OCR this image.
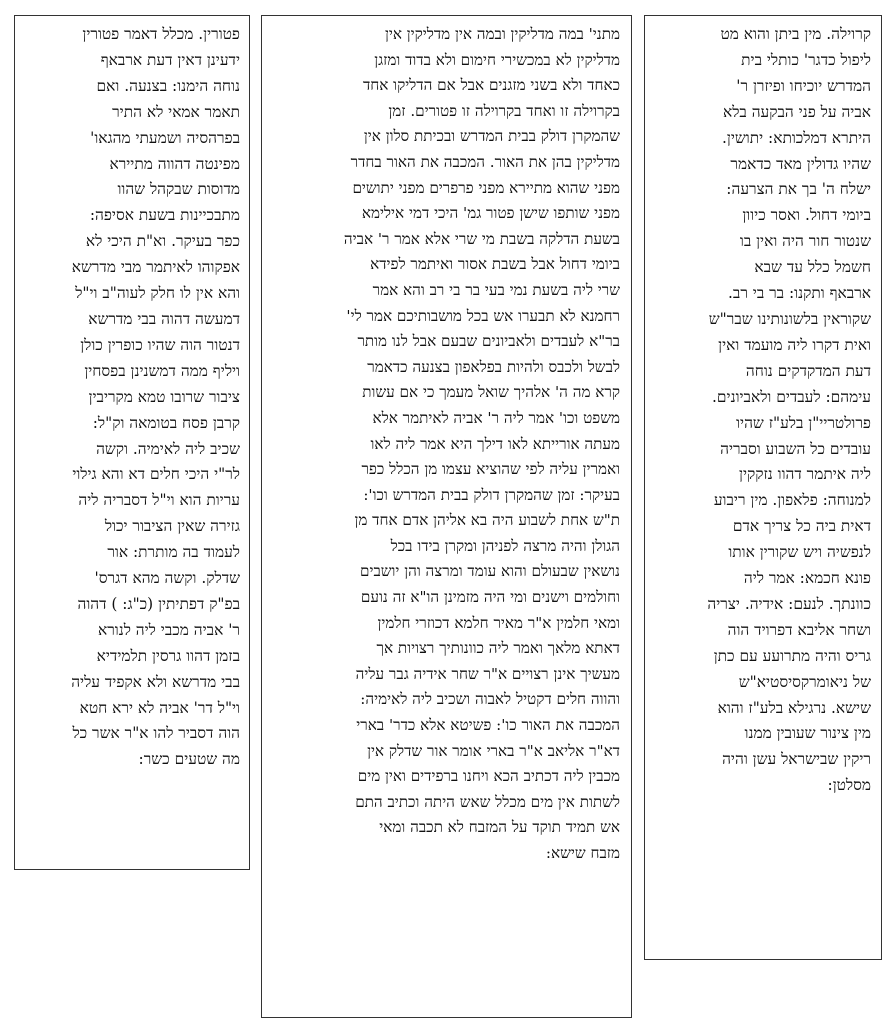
קרוילה. מין ביתן והוא מט
ליפול כדגר' כותלי בית
המדרש יוכיחו ופיזרן ר'
אביה על פני הבקעה בלא
היתרא דמלכותא: יתושין.
שהיו גדולין מאד כדאמר
ישלח ה' בך את הצרעה:
ביומי דחול. ואסר כיוון
שנטור חור היה ואין בו
חשמל כלל עד שבא
ארבאף ותקנו: בר בי רב.
שקוראין בלשונותינו שבר"ש
ואית דקרו ליה מועמד ואין
דעת המדקדקים נוחה
עימהם: לעבדים ולאביונים.
פרולטריי"ן בלע"ז שהיו
עובדים כל השבוע וסבריה
ליה איתמר דהוו נזקקין
למנוחה: פלאפון. מין ריבוע
דאית ביה כל צריך אדם
לנפשיה ויש שקורין אותו
פונא חכמא: אמר ליה
כוונתך. לנעם: אידיה. יצריה
ושחר אליבא דפרויד הוה
גריס והיה מתרועע עם כתן
של ניאומרקסיסטיא"ש
שישא. נרגילא בלע"ז והוא
מין צינור שעובין ממנו
ריקין שבישראל עשן והיה
מסלטן:

מתני' במה מדליקין ובמה אין מדליקין אין
מדליקין לא במכשירי חימום ולא בדוד ומזגן
כאחד ולא בשני מזגנים אבל אם הדליקו אחד
בקרוילה זו ואחד בקרוילה זו פטורים. זמן
שהמקרן דולק בבית המדרש ובכיתת סלון אין
מדליקין בהן את האור. המכבה את האור בחדר
מפני שהוא מתיירא מפני פרפרים מפני יתושים
מפני שותפו שישן פטור גמ' היכי דמי אילימא
בשעת הדלקה בשבת מי שרי אלא אמר ר' אביה
ביומי דחול אבל בשבת אסור ואיתמר לפידא
שרי ליה בשעת נמי בעי בר בי רב והא אמר
רחמנא לא תבערו אש בכל מושבותיכם אמר לי'
בר"א לעבדים ולאביונים שבעם אבל לנו מותר
לבשל ולכבס ולהיות בפלאפון בצנעה כדאמר
קרא מה ה' אלהיך שואל מעמך כי אם עשות
משפט וכו' אמר ליה ר' אביה לאיתמר אלא
מעתה אורייתא לאו דילך היא אמר ליה לאו
ואמרין עליה לפי שהוציא עצמו מן הכלל כפר
בעיקר: זמן שהמקרן דולק בבית המדרש וכו':
ת"ש אחת לשבוע היה בא אליהן אדם אחד מן
הגולן והיה מרצה לפניהן ומקרן בידו בכל
נושאין שבעולם והוא עומד ומרצה והן יושבים
וחולמים וישנים ומי היה מזמינן הו"א זה נועם
ומאי חלמין א"ר מאיר חלמא דכוזרי חלמין
דאתא מלאך ואמר ליה כוונותיך רצויות אך
מעשיך אינן רצויים א"ר שחר אידיה גבר עליה
והווה חלים דקטיל לאבוה ושכיב ליה לאימיה:
המכבה את האור כו': פשיטא אלא כדר' בארי
דא"ר אליאב א"ר בארי אומר אור שדלק אין
מכבין ליה דכתיב הכא ויחנו ברפידים ואין מים
לשתות אין מים מכלל שאש היתה וכתיב התם
אש תמיד תוקד על המזבח לא תכבה ומאי
מזבח שישא:

פטורין. מכלל דאמר פטורין
ידעינן דאין דעת ארבאף
נוחה הימנו: בצנעה. ואם
תאמר אמאי לא התיר
בפרהסיה ושמעתי מהגאו'
מפינטה דהווה מתיירא
מדוסות שבקהל שהוו
מתבכיינות בשעת אסיפה:
כפר בעיקר. וא"ת היכי לא
אפקוהו לאיתמר מבי מדרשא
והא אין לו חלק לעוה"ב וי"ל
דמעשה דהוה בבי מדרשא
דנטור הוה שהיו כופרין כולן
ויליף ממה דמשנינן בפסחין
ציבור שרובו טמא מקריבין
קרבן פסח בטומאה וק"ל:
שכיב ליה לאימיה. וקשה
לר"י היכי חלים דא והא גילוי
עריות הוא וי"ל דסבריה ליה
גזירה שאין הציבור יכול
לעמוד בה מותרת: אור
שדלק. וקשה מהא דגרס'
בפ"ק דפתיתין (כ"ג: ) דהוה
ר' אביה מכבי ליה לנורא
בזמן דהוו גרסין תלמידיא
בבי מדרשא ולא אקפיד עליה
וי"ל דר' אביה לא ירא חטא
הוה דסביר להו א"ר אשר כל
מה שטעים כשר:
